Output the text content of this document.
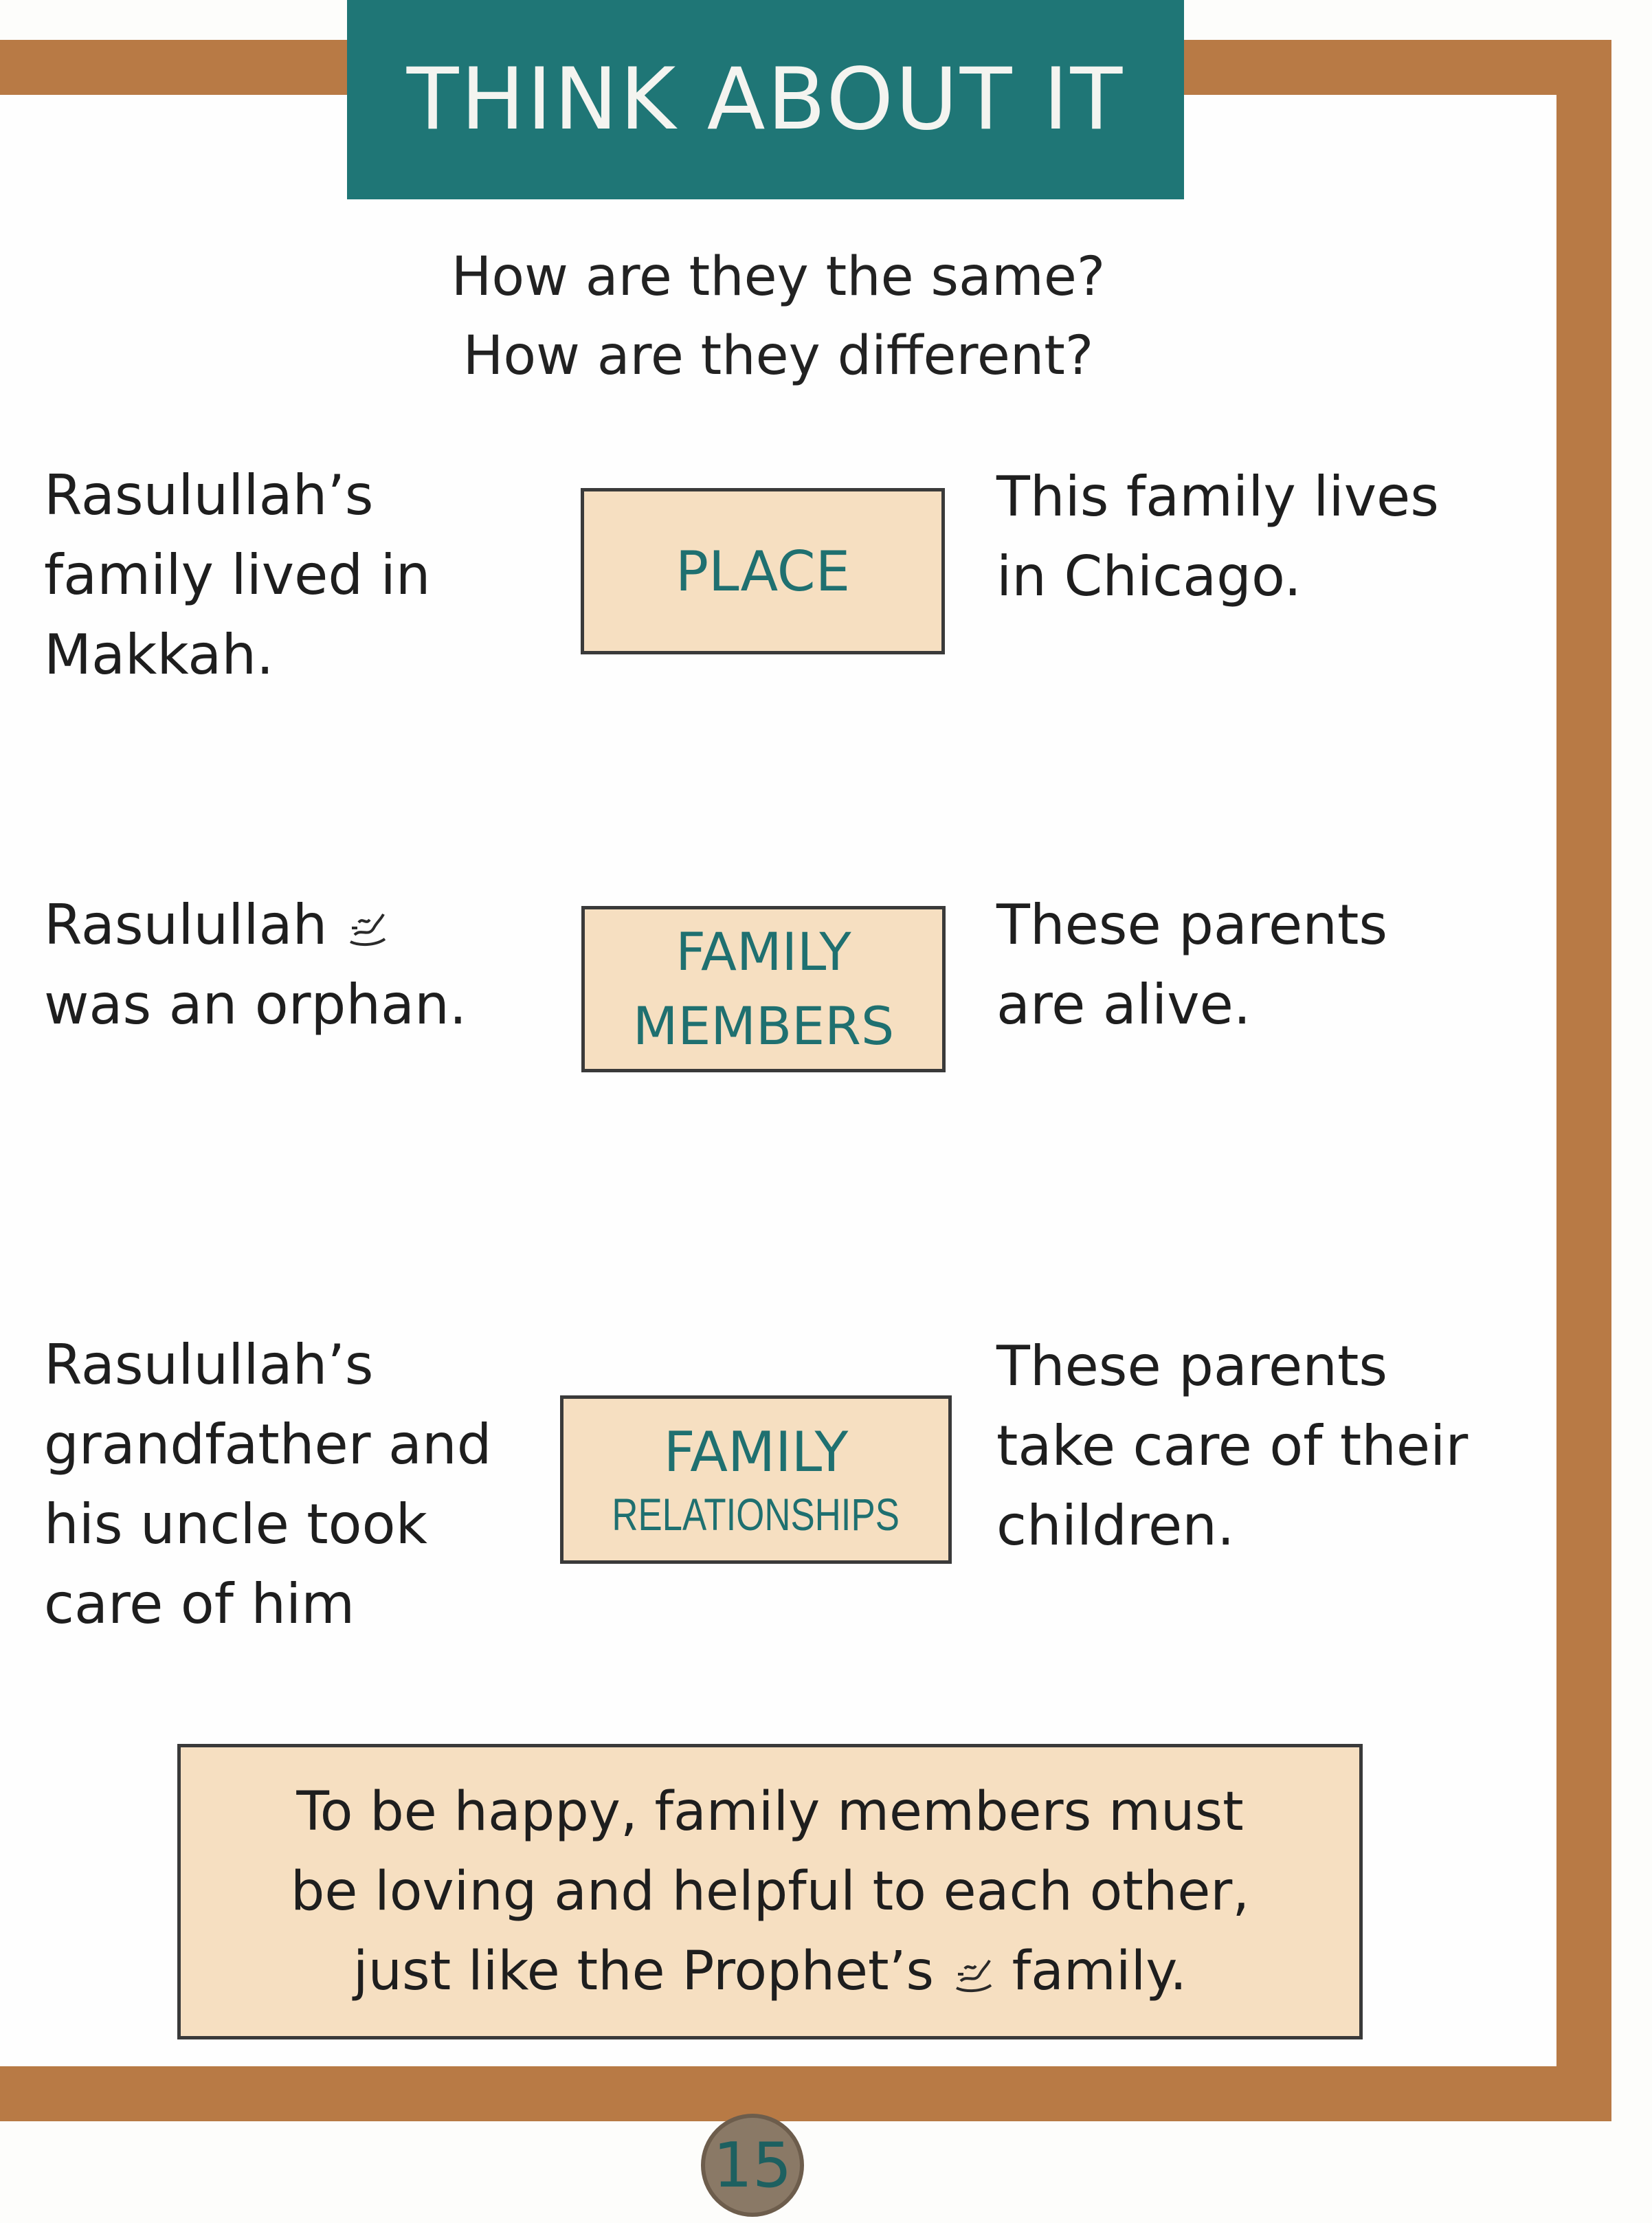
Rasulullah’s
family lived in
Makkah.
PLACE
This family lives
in Chicago.
Rasulullah
was an orphan.
FAMILY
MEMBERS
These parents
are alive.
Rasulullah’s
grandfather and
his uncle took
care of him
FAMILY
RELATIONSHIPS
These parents
take care of their
children.
THINK ABOUT IT
How are they the same?
How are they different?
To be happy, family members must
be loving and helpful to each other,
just like the Prophet’s family.
15
